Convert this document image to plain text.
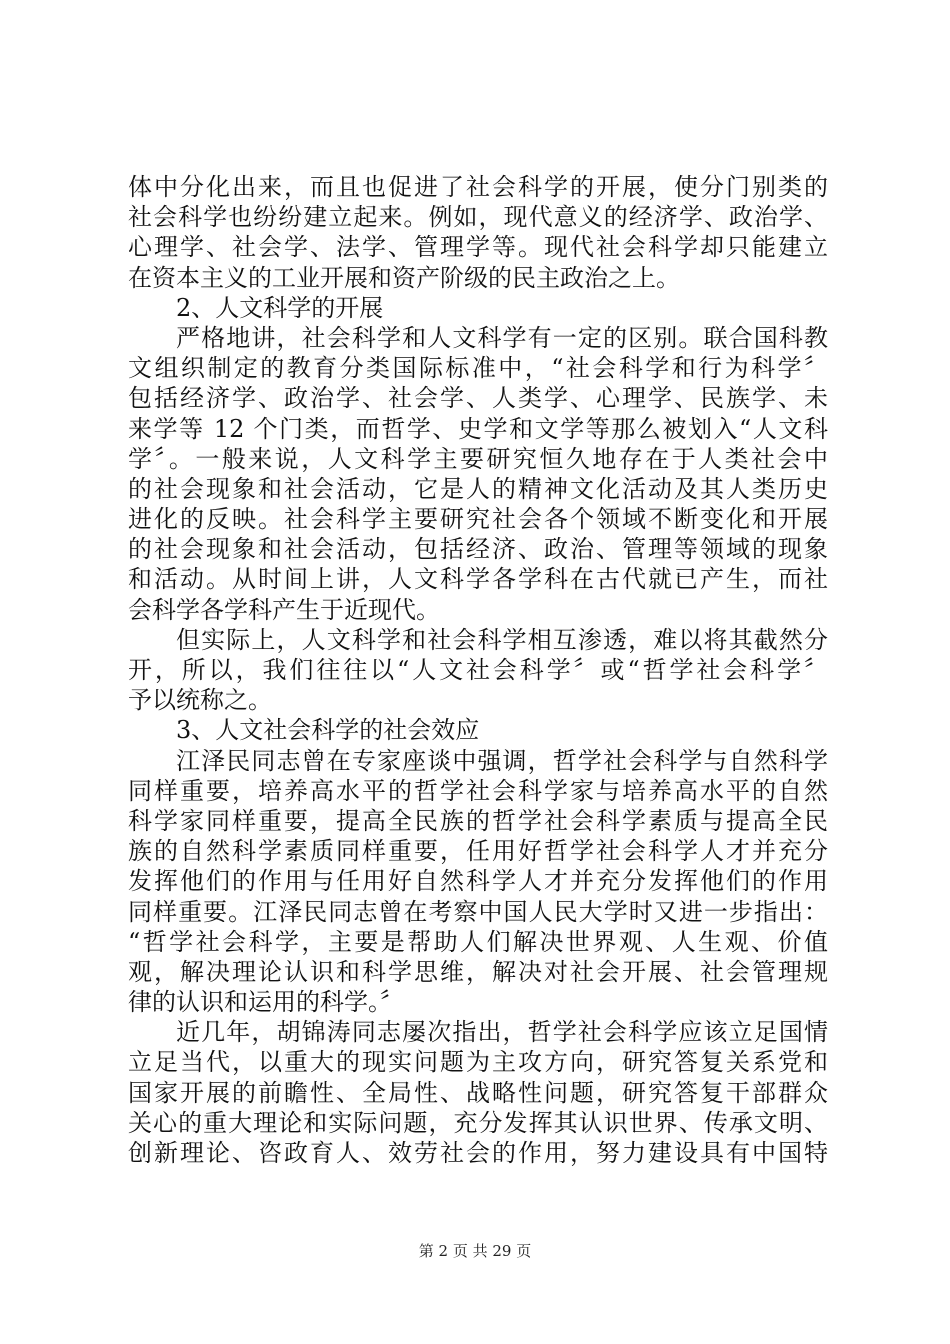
体中分化出来，而且也促进了社会科学的开展，使分门别类的
社会科学也纷纷建立起来。例如，现代意义的经济学、政治学、
心理学、社会学、法学、管理学等。现代社会科学却只能建立
在资本主义的工业开展和资产阶级的民主政治之上。
2、人文科学的开展
严格地讲，社会科学和人文科学有一定的区别。联合国科教
文组织制定的教育分类国际标准中，“社会科学和行为科学〞
包括经济学、政治学、社会学、人类学、心理学、民族学、未
来学等 12 个门类，而哲学、史学和文学等那么被划入“人文科
学〞。一般来说，人文科学主要研究恒久地存在于人类社会中
的社会现象和社会活动，它是人的精神文化活动及其人类历史
进化的反映。社会科学主要研究社会各个领域不断变化和开展
的社会现象和社会活动，包括经济、政治、管理等领域的现象
和活动。从时间上讲，人文科学各学科在古代就已产生，而社
会科学各学科产生于近现代。
但实际上，人文科学和社会科学相互渗透，难以将其截然分
开，所以，我们往往以“人文社会科学〞或“哲学社会科学〞
予以统称之。
3、人文社会科学的社会效应
江泽民同志曾在专家座谈中强调，哲学社会科学与自然科学
同样重要，培养高水平的哲学社会科学家与培养高水平的自然
科学家同样重要，提高全民族的哲学社会科学素质与提高全民
族的自然科学素质同样重要，任用好哲学社会科学人才并充分
发挥他们的作用与任用好自然科学人才并充分发挥他们的作用
同样重要。江泽民同志曾在考察中国人民大学时又进一步指出：
“哲学社会科学，主要是帮助人们解决世界观、人生观、价值
观，解决理论认识和科学思维，解决对社会开展、社会管理规
律的认识和运用的科学。〞
近几年，胡锦涛同志屡次指出，哲学社会科学应该立足国情
立足当代，以重大的现实问题为主攻方向，研究答复关系党和
国家开展的前瞻性、全局性、战略性问题，研究答复干部群众
关心的重大理论和实际问题，充分发挥其认识世界、传承文明、
创新理论、咨政育人、效劳社会的作用，努力建设具有中国特
第 2 页 共 29 页
